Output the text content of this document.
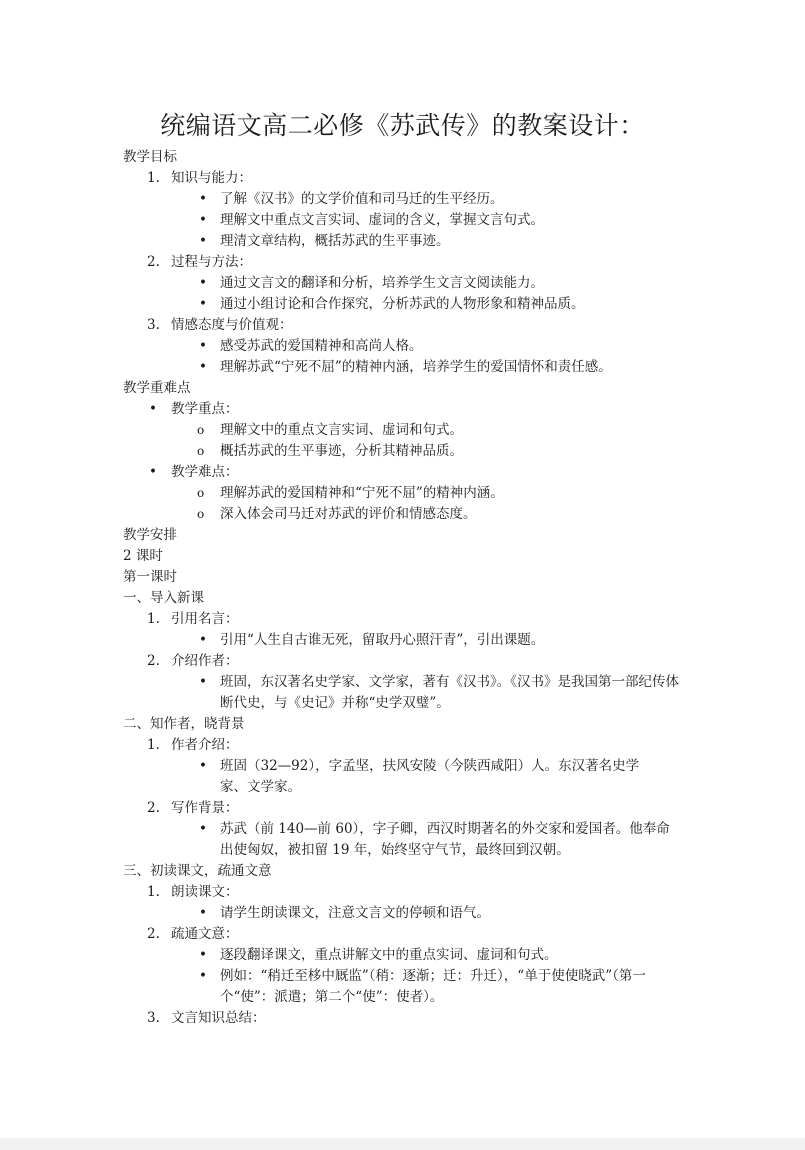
统编语文高二必修《苏武传》的教案设计：
教学目标
1. 知识与能力：
• 了解《汉书》的文学价值和司马迁的生平经历。
• 理解文中重点文言实词、虚词的含义，掌握文言句式。
• 理清文章结构，概括苏武的生平事迹。
2. 过程与方法：
• 通过文言文的翻译和分析，培养学生文言文阅读能力。
• 通过小组讨论和合作探究，分析苏武的人物形象和精神品质。
3. 情感态度与价值观：
• 感受苏武的爱国精神和高尚人格。
• 理解苏武“宁死不屈”的精神内涵，培养学生的爱国情怀和责任感。
教学重难点
• 教学重点：
o 理解文中的重点文言实词、虚词和句式。
o 概括苏武的生平事迹，分析其精神品质。
• 教学难点：
o 理解苏武的爱国精神和“宁死不屈”的精神内涵。
o 深入体会司马迁对苏武的评价和情感态度。
教学安排
2 课时
第一课时
一、导入新课
1. 引用名言：
• 引用“人生自古谁无死，留取丹心照汗青”，引出课题。
2. 介绍作者：
• 班固，东汉著名史学家、文学家，著有《汉书》。《汉书》是我国第一部纪传体断代史，与《史记》并称“史学双璧”。
二、知作者，晓背景
1. 作者介绍：
• 班固（32—92），字孟坚，扶风安陵（今陕西咸阳）人。东汉著名史学家、文学家。
2. 写作背景：
• 苏武（前 140—前 60），字子卿，西汉时期著名的外交家和爱国者。他奉命出使匈奴，被扣留 19 年，始终坚守气节，最终回到汉朝。
三、初读课文，疏通文意
1. 朗读课文：
• 请学生朗读课文，注意文言文的停顿和语气。
2. 疏通文意：
• 逐段翻译课文，重点讲解文中的重点实词、虚词和句式。
• 例如：“稍迁至栘中厩监”（稍：逐渐；迁：升迁），“单于使使晓武”（第一个“使”：派遣；第二个“使”：使者）。
3. 文言知识总结：
